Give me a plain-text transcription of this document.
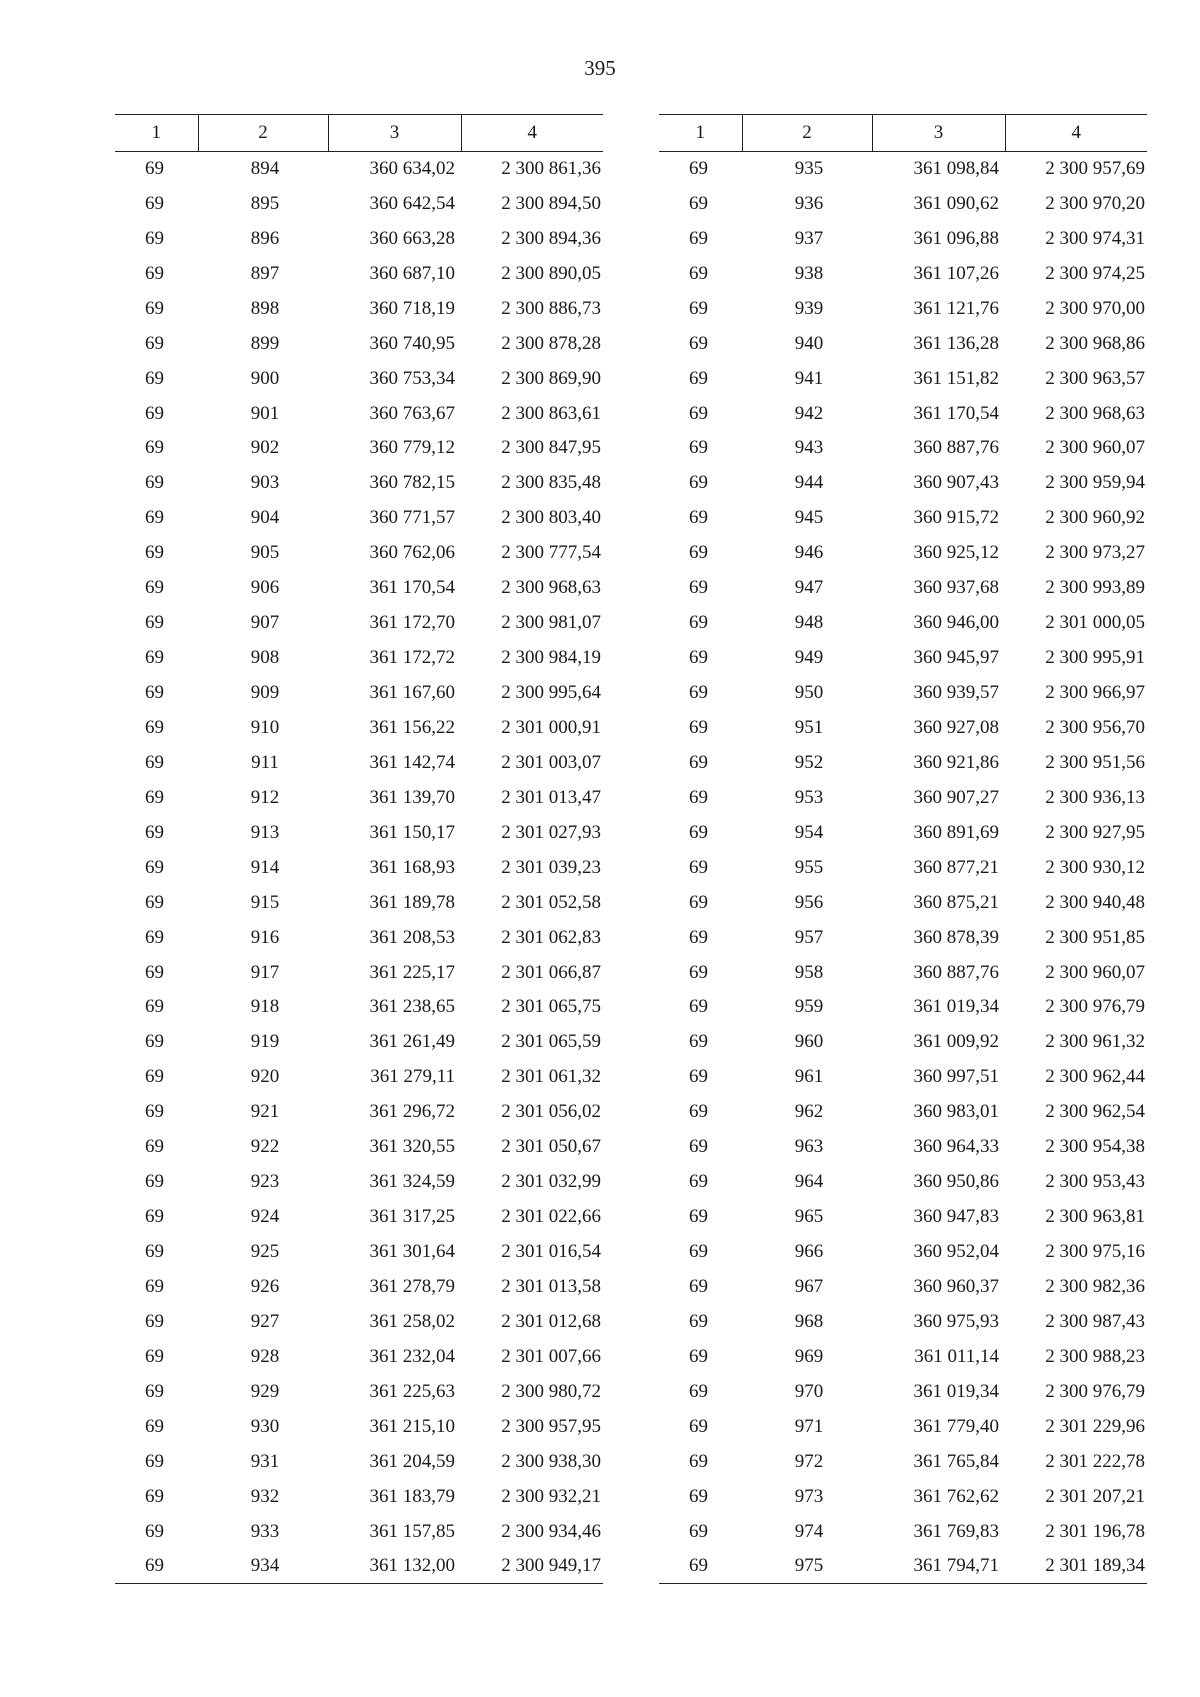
395
1	2	3	4
69	894	360 634,02	2 300 861,36
69	895	360 642,54	2 300 894,50
69	896	360 663,28	2 300 894,36
69	897	360 687,10	2 300 890,05
69	898	360 718,19	2 300 886,73
69	899	360 740,95	2 300 878,28
69	900	360 753,34	2 300 869,90
69	901	360 763,67	2 300 863,61
69	902	360 779,12	2 300 847,95
69	903	360 782,15	2 300 835,48
69	904	360 771,57	2 300 803,40
69	905	360 762,06	2 300 777,54
69	906	361 170,54	2 300 968,63
69	907	361 172,70	2 300 981,07
69	908	361 172,72	2 300 984,19
69	909	361 167,60	2 300 995,64
69	910	361 156,22	2 301 000,91
69	911	361 142,74	2 301 003,07
69	912	361 139,70	2 301 013,47
69	913	361 150,17	2 301 027,93
69	914	361 168,93	2 301 039,23
69	915	361 189,78	2 301 052,58
69	916	361 208,53	2 301 062,83
69	917	361 225,17	2 301 066,87
69	918	361 238,65	2 301 065,75
69	919	361 261,49	2 301 065,59
69	920	361 279,11	2 301 061,32
69	921	361 296,72	2 301 056,02
69	922	361 320,55	2 301 050,67
69	923	361 324,59	2 301 032,99
69	924	361 317,25	2 301 022,66
69	925	361 301,64	2 301 016,54
69	926	361 278,79	2 301 013,58
69	927	361 258,02	2 301 012,68
69	928	361 232,04	2 301 007,66
69	929	361 225,63	2 300 980,72
69	930	361 215,10	2 300 957,95
69	931	361 204,59	2 300 938,30
69	932	361 183,79	2 300 932,21
69	933	361 157,85	2 300 934,46
69	934	361 132,00	2 300 949,17
1	2	3	4
69	935	361 098,84	2 300 957,69
69	936	361 090,62	2 300 970,20
69	937	361 096,88	2 300 974,31
69	938	361 107,26	2 300 974,25
69	939	361 121,76	2 300 970,00
69	940	361 136,28	2 300 968,86
69	941	361 151,82	2 300 963,57
69	942	361 170,54	2 300 968,63
69	943	360 887,76	2 300 960,07
69	944	360 907,43	2 300 959,94
69	945	360 915,72	2 300 960,92
69	946	360 925,12	2 300 973,27
69	947	360 937,68	2 300 993,89
69	948	360 946,00	2 301 000,05
69	949	360 945,97	2 300 995,91
69	950	360 939,57	2 300 966,97
69	951	360 927,08	2 300 956,70
69	952	360 921,86	2 300 951,56
69	953	360 907,27	2 300 936,13
69	954	360 891,69	2 300 927,95
69	955	360 877,21	2 300 930,12
69	956	360 875,21	2 300 940,48
69	957	360 878,39	2 300 951,85
69	958	360 887,76	2 300 960,07
69	959	361 019,34	2 300 976,79
69	960	361 009,92	2 300 961,32
69	961	360 997,51	2 300 962,44
69	962	360 983,01	2 300 962,54
69	963	360 964,33	2 300 954,38
69	964	360 950,86	2 300 953,43
69	965	360 947,83	2 300 963,81
69	966	360 952,04	2 300 975,16
69	967	360 960,37	2 300 982,36
69	968	360 975,93	2 300 987,43
69	969	361 011,14	2 300 988,23
69	970	361 019,34	2 300 976,79
69	971	361 779,40	2 301 229,96
69	972	361 765,84	2 301 222,78
69	973	361 762,62	2 301 207,21
69	974	361 769,83	2 301 196,78
69	975	361 794,71	2 301 189,34
